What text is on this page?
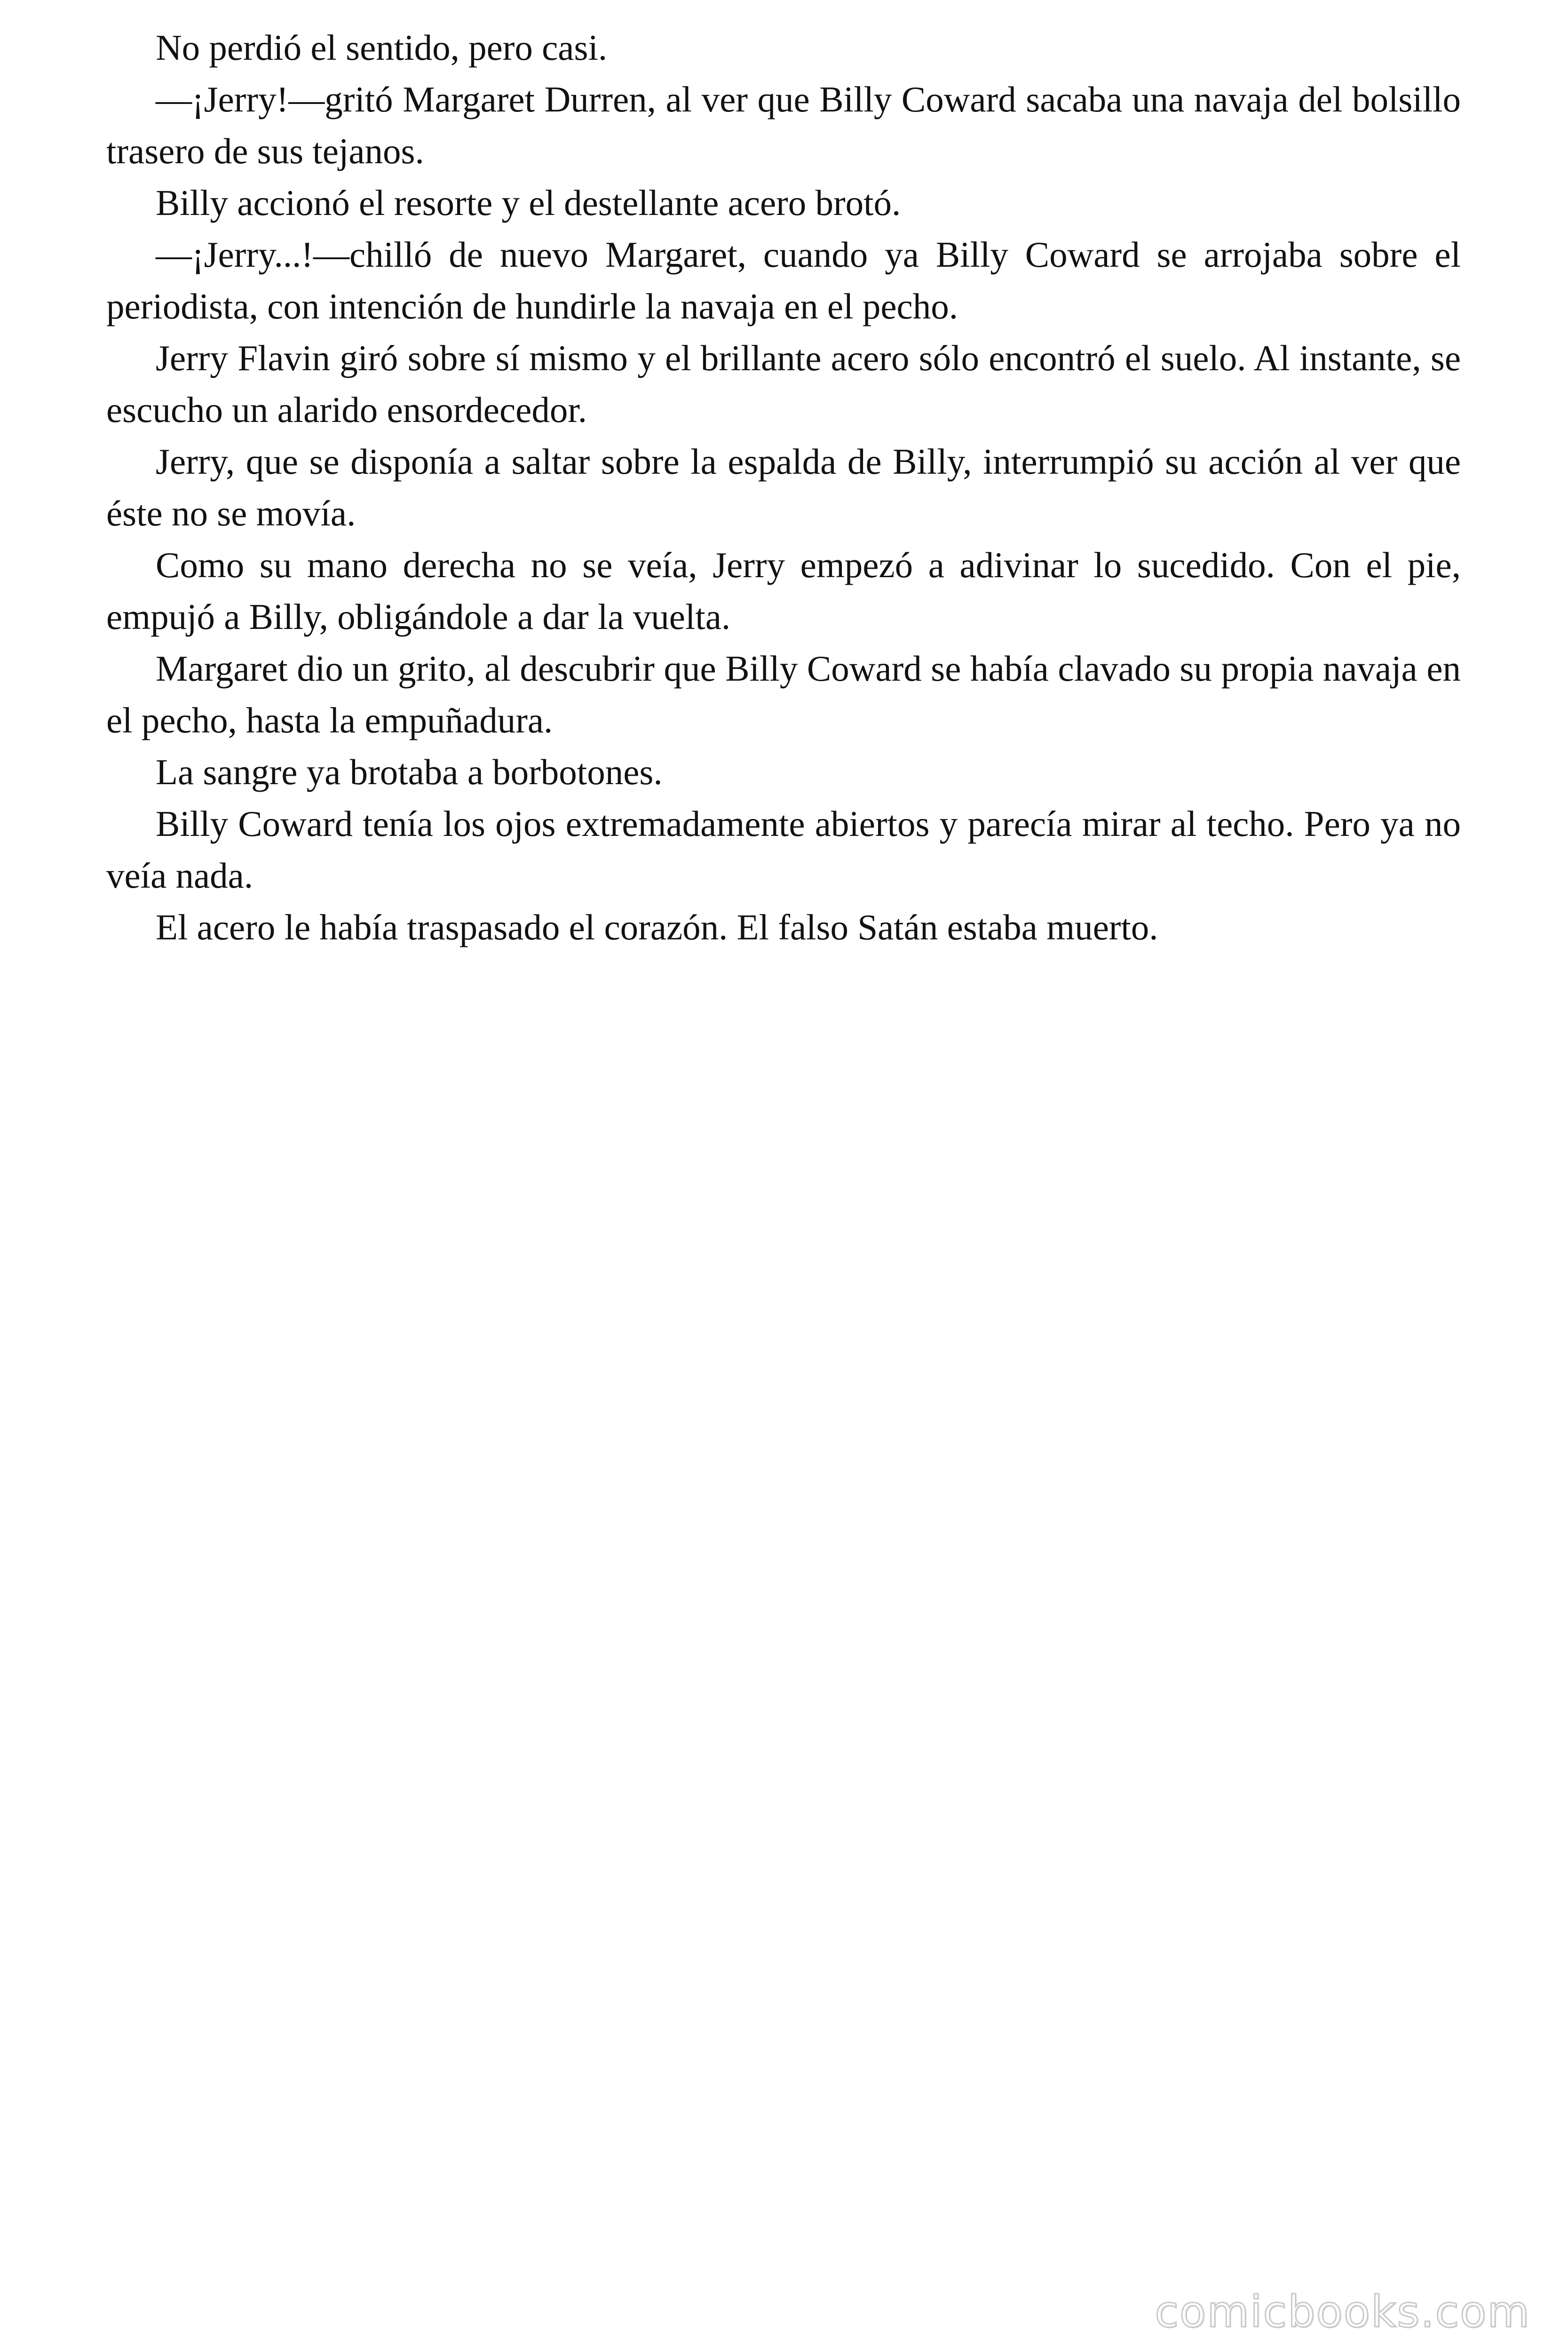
No perdió el sentido, pero casi.

—¡Jerry!—gritó Margaret Durren, al ver que Billy Coward sacaba una navaja del bolsillo trasero de sus tejanos.

Billy accionó el resorte y el destellante acero brotó.

—¡Jerry...!—chilló de nuevo Margaret, cuando ya Billy Coward se arrojaba sobre el periodista, con intención de hundirle la navaja en el pecho.

Jerry Flavin giró sobre sí mismo y el brillante acero sólo encontró el suelo. Al instante, se escucho un alarido ensordecedor.

Jerry, que se disponía a saltar sobre la espalda de Billy, interrumpió su acción al ver que éste no se movía.

Como su mano derecha no se veía, Jerry empezó a adivinar lo sucedido. Con el pie, empujó a Billy, obligándole a dar la vuelta.

Margaret dio un grito, al descubrir que Billy Coward se había clavado su propia navaja en el pecho, hasta la empuñadura.

La sangre ya brotaba a borbotones.

Billy Coward tenía los ojos extremadamente abiertos y parecía mirar al techo. Pero ya no veía nada.

El acero le había traspasado el corazón. El falso Satán estaba muerto.

comicbooks.com
